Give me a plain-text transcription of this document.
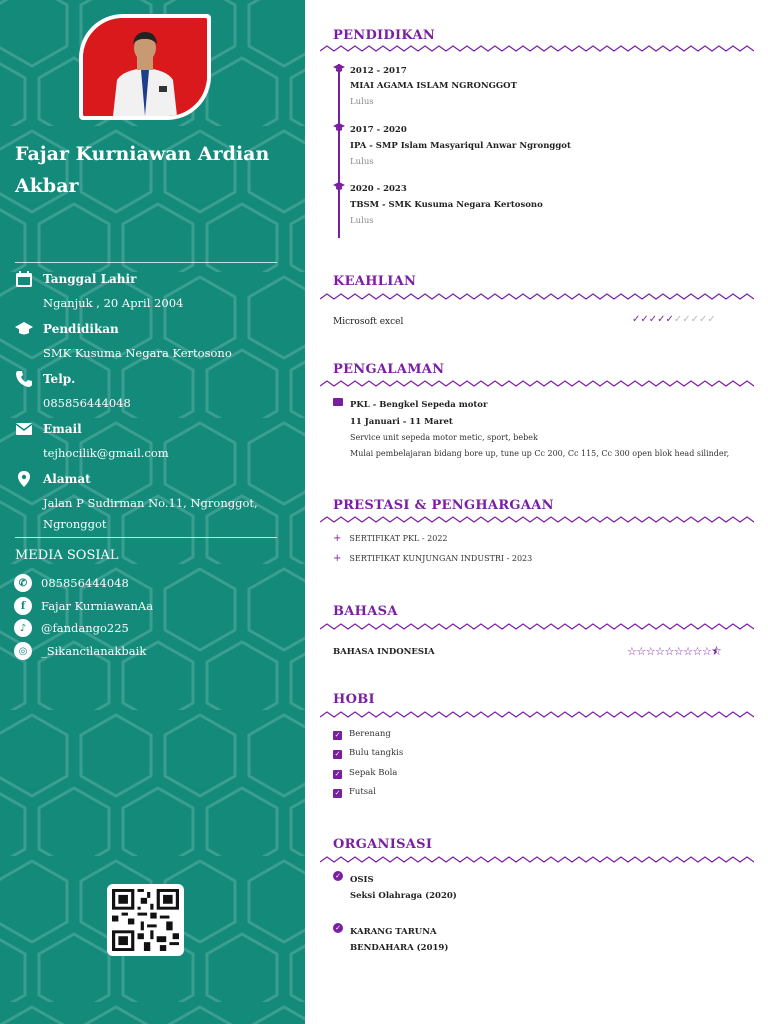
Fajar Kurniawan Ardian
Akbar
Tanggal Lahir
Nganjuk , 20 April 2004
Pendidikan
SMK Kusuma Negara Kertosono
Telp.
085856444048
Email
tejhocilik@gmail.com
Alamat
Jalan P Sudirman No.11, Ngronggot, Ngronggot
MEDIA SOSIAL
✆	085856444048
f	Fajar KurniawanAa
♪	@fandango225
◎	_Sikancilanakbaik
PENDIDIKAN
2012 - 2017
MIAI AGAMA ISLAM NGRONGGOT
Lulus
2017 - 2020
IPA - SMP Islam Masyariqul Anwar Ngronggot
Lulus
2020 - 2023
TBSM - SMK Kusuma Negara Kertosono
Lulus
KEAHLIAN
Microsoft excel	✓✓✓✓✓✓✓✓✓✓
PENGALAMAN
PKL - Bengkel Sepeda motor
11 Januari - 11 Maret
Service unit sepeda motor metic, sport, bebek
Mulai pembelajaran bidang bore up, tune up Cc 200, Cc 115, Cc 300 open blok head silinder,
PRESTASI & PENGHARGAAN
+ SERTIFIKAT PKL - 2022
+ SERTIFIKAT KUNJUNGAN INDUSTRI - 2023
BAHASA
BAHASA INDONESIA	☆☆☆☆☆☆☆☆☆⯪
HOBI
✓ Berenang
✓ Bulu tangkis
✓ Sepak Bola
✓ Futsal
ORGANISASI
✓ OSIS
Seksi Olahraga (2020)
✓ KARANG TARUNA
BENDAHARA (2019)
